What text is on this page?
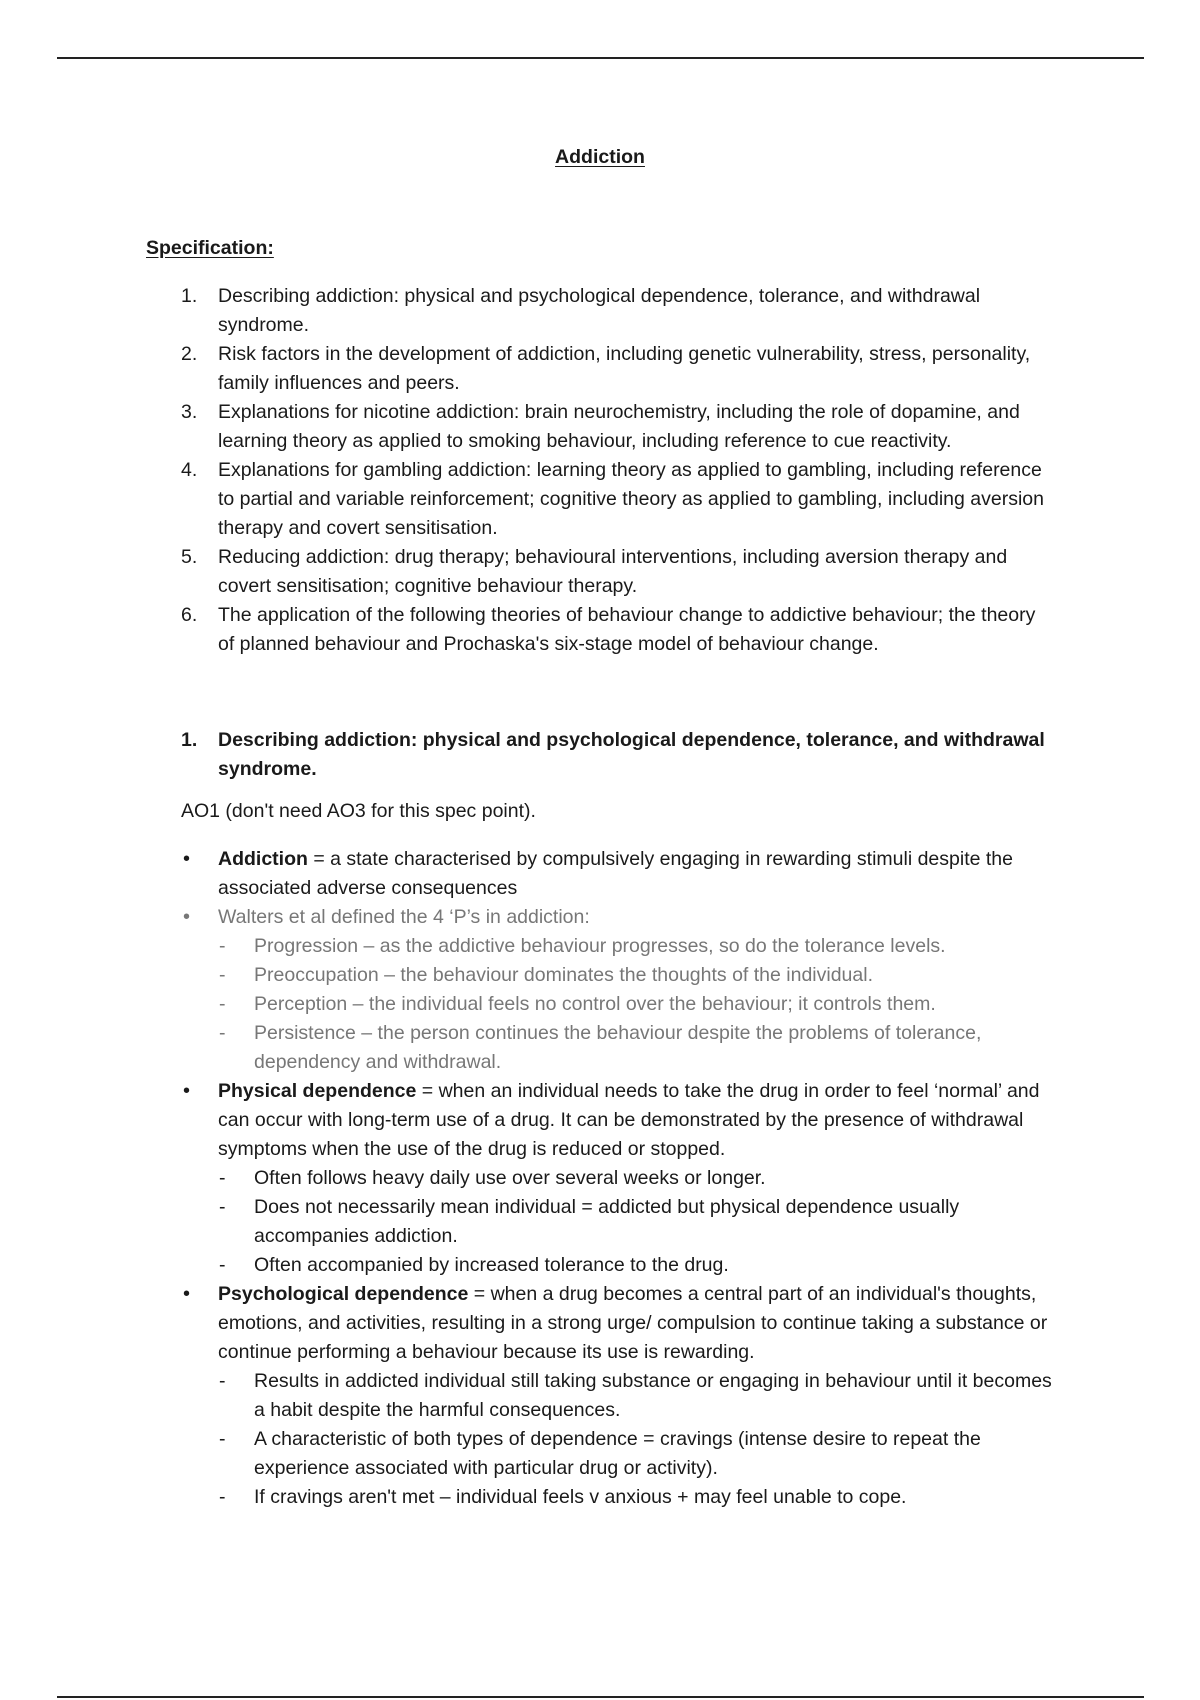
Addiction
Specification:
1. Describing addiction: physical and psychological dependence, tolerance, and withdrawal syndrome.
2. Risk factors in the development of addiction, including genetic vulnerability, stress, personality, family influences and peers.
3. Explanations for nicotine addiction: brain neurochemistry, including the role of dopamine, and learning theory as applied to smoking behaviour, including reference to cue reactivity.
4. Explanations for gambling addiction: learning theory as applied to gambling, including reference to partial and variable reinforcement; cognitive theory as applied to gambling, including aversion therapy and covert sensitisation.
5. Reducing addiction: drug therapy; behavioural interventions, including aversion therapy and covert sensitisation; cognitive behaviour therapy.
6. The application of the following theories of behaviour change to addictive behaviour; the theory of planned behaviour and Prochaska's six-stage model of behaviour change.
1. Describing addiction: physical and psychological dependence, tolerance, and withdrawal syndrome.
AO1 (don't need AO3 for this spec point).
• Addiction = a state characterised by compulsively engaging in rewarding stimuli despite the associated adverse consequences
• Walters et al defined the 4 ‘P’s in addiction:
- Progression – as the addictive behaviour progresses, so do the tolerance levels.
- Preoccupation – the behaviour dominates the thoughts of the individual.
- Perception – the individual feels no control over the behaviour; it controls them.
- Persistence – the person continues the behaviour despite the problems of tolerance, dependency and withdrawal.
• Physical dependence = when an individual needs to take the drug in order to feel ‘normal’ and can occur with long-term use of a drug. It can be demonstrated by the presence of withdrawal symptoms when the use of the drug is reduced or stopped.
- Often follows heavy daily use over several weeks or longer.
- Does not necessarily mean individual = addicted but physical dependence usually accompanies addiction.
- Often accompanied by increased tolerance to the drug.
• Psychological dependence = when a drug becomes a central part of an individual's thoughts, emotions, and activities, resulting in a strong urge/ compulsion to continue taking a substance or continue performing a behaviour because its use is rewarding.
- Results in addicted individual still taking substance or engaging in behaviour until it becomes a habit despite the harmful consequences.
- A characteristic of both types of dependence = cravings (intense desire to repeat the experience associated with particular drug or activity).
- If cravings aren't met – individual feels v anxious + may feel unable to cope.
